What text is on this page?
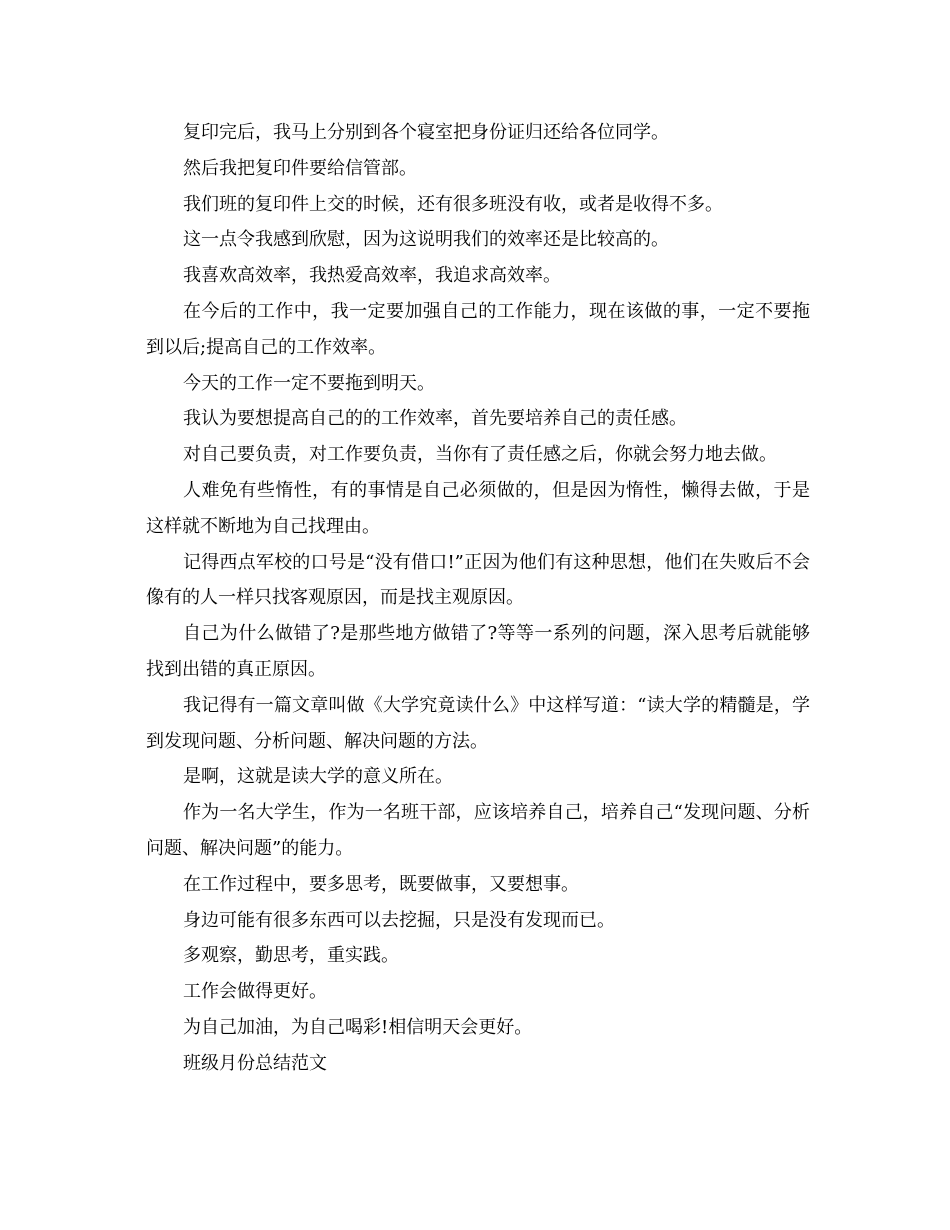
复印完后，我马上分别到各个寝室把身份证归还给各位同学。

然后我把复印件要给信管部。

我们班的复印件上交的时候，还有很多班没有收，或者是收得不多。

这一点令我感到欣慰，因为这说明我们的效率还是比较高的。

我喜欢高效率，我热爱高效率，我追求高效率。

在今后的工作中，我一定要加强自己的工作能力，现在该做的事，一定不要拖到以后;提高自己的工作效率。

今天的工作一定不要拖到明天。

我认为要想提高自己的的工作效率，首先要培养自己的责任感。

对自己要负责，对工作要负责，当你有了责任感之后，你就会努力地去做。

人难免有些惰性，有的事情是自己必须做的，但是因为惰性，懒得去做，于是这样就不断地为自己找理由。

记得西点军校的口号是“没有借口!”正因为他们有这种思想，他们在失败后不会像有的人一样只找客观原因，而是找主观原因。

自己为什么做错了?是那些地方做错了?等等一系列的问题，深入思考后就能够找到出错的真正原因。

我记得有一篇文章叫做《大学究竟读什么》中这样写道：“读大学的精髓是，学到发现问题、分析问题、解决问题的方法。

是啊，这就是读大学的意义所在。

作为一名大学生，作为一名班干部，应该培养自己，培养自己“发现问题、分析问题、解决问题”的能力。

在工作过程中，要多思考，既要做事，又要想事。

身边可能有很多东西可以去挖掘，只是没有发现而已。

多观察，勤思考，重实践。

工作会做得更好。

为自己加油，为自己喝彩!相信明天会更好。

班级月份总结范文
